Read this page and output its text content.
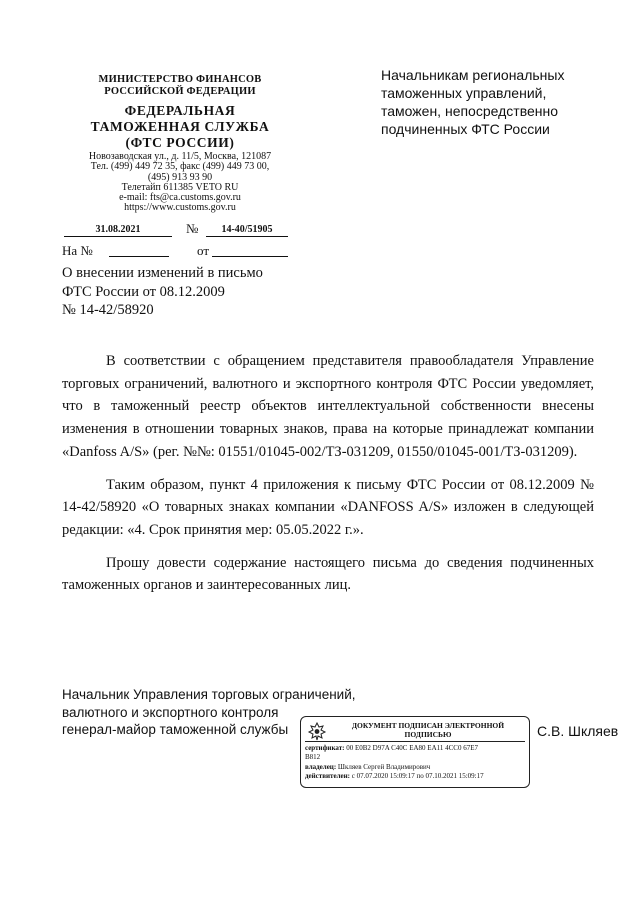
МИНИСТЕРСТВО ФИНАНСОВ
РОССИЙСКОЙ ФЕДЕРАЦИИ
ФЕДЕРАЛЬНАЯ
ТАМОЖЕННАЯ СЛУЖБА
(ФТС РОССИИ)
Новозаводская ул., д. 11/5, Москва, 121087
Тел. (499) 449 72 35, факс (499) 449 73 00,
(495) 913 93 90
Телетайп 611385 VETO RU
e-mail: fts@ca.customs.gov.ru
https://www.customs.gov.ru
31.08.2021	№	14-40/51905
На №	от
О внесении изменений в письмо
ФТС России от 08.12.2009
№ 14-42/58920
Начальникам региональных
таможенных управлений,
таможен, непосредственно
подчиненных ФТС России

В соответствии с обращением представителя правообладателя Управление торговых ограничений, валютного и экспортного контроля ФТС России уведомляет, что в таможенный реестр объектов интеллектуальной собственности внесены изменения в отношении товарных знаков, права на которые принадлежат компании «Danfoss A/S» (рег. №№: 01551/01045-002/ТЗ-031209, 01550/01045-001/ТЗ-031209).

Таким образом, пункт 4 приложения к письму ФТС России от 08.12.2009 № 14-42/58920 «О товарных знаках компании «DANFOSS A/S» изложен в следующей редакции: «4. Срок принятия мер: 05.05.2022 г.».

Прошу довести содержание настоящего письма до сведения подчиненных таможенных органов и заинтересованных лиц.

Начальник Управления торговых ограничений,
валютного и экспортного контроля
генерал-майор таможенной службы	ДОКУМЕНТ ПОДПИСАН ЭЛЕКТРОННОЙ
ПОДПИСЬЮ
сертификат: 00 E0B2 D97A C40C EA80 EA11 4CC0 67E7
B812
владелец: Шкляев Сергей Владимирович
действителен: с 07.07.2020 15:09:17 по 07.10.2021 15:09:17
С.В. Шкляев
